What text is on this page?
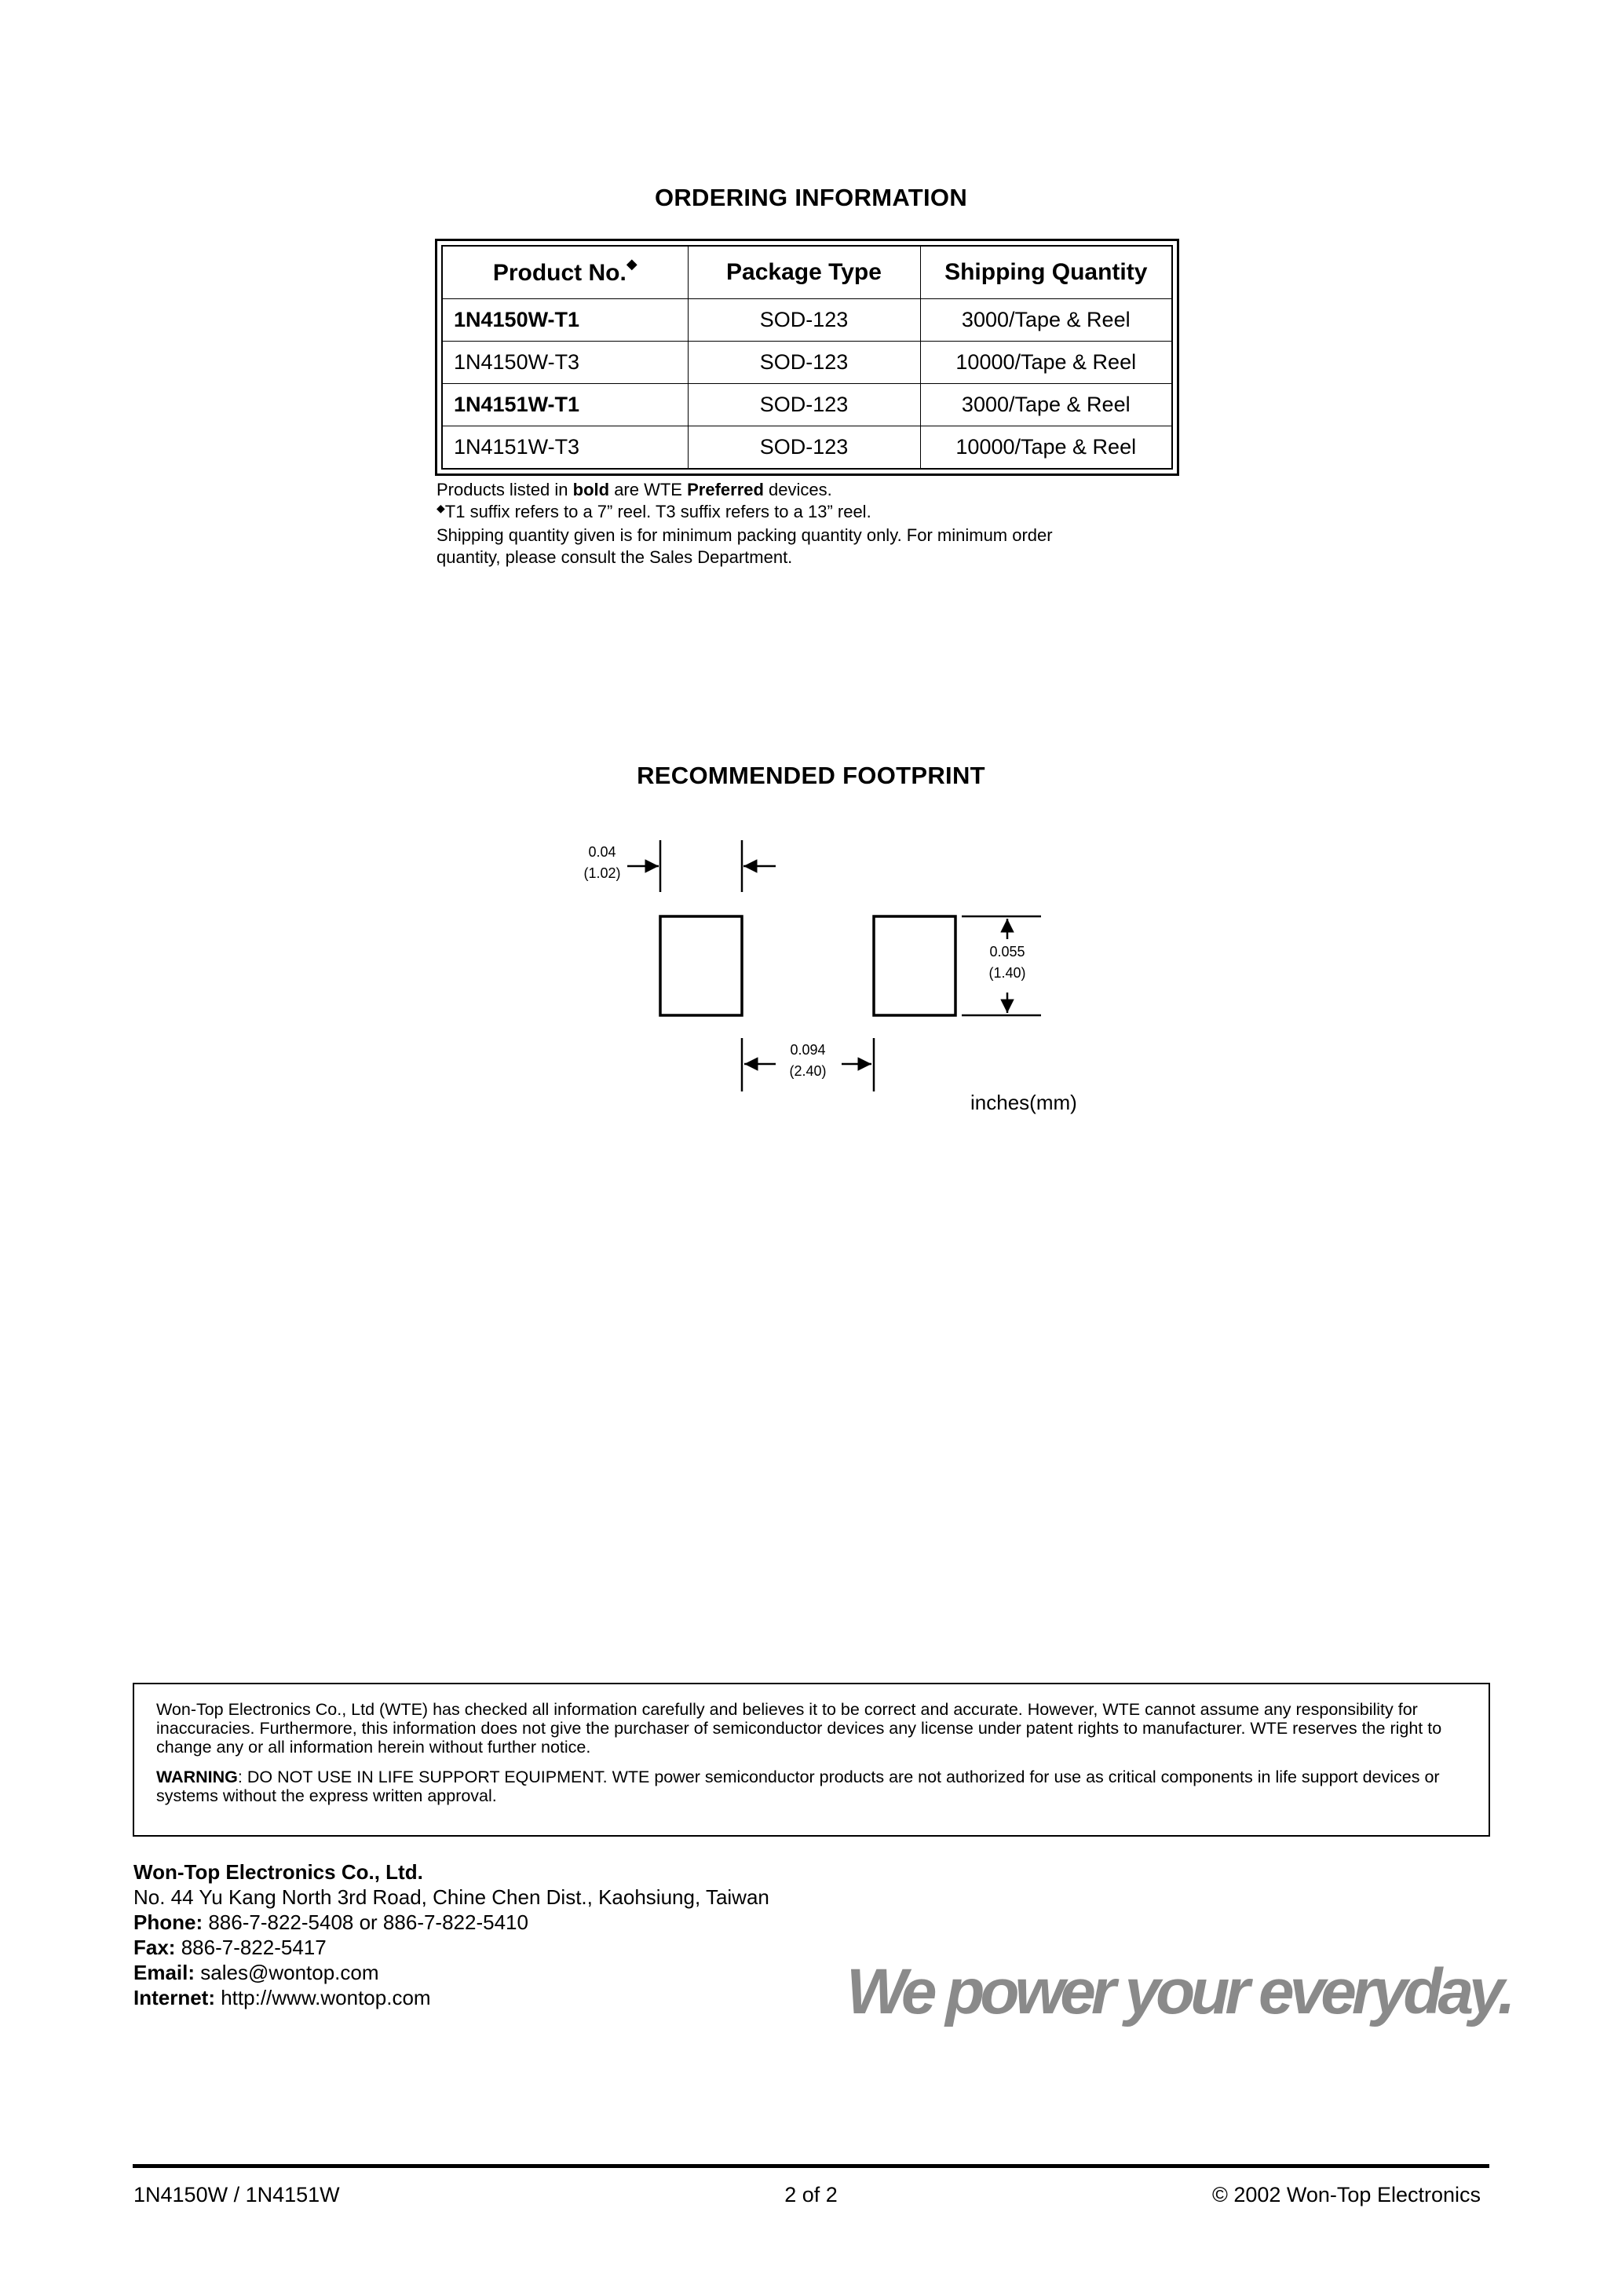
ORDERING INFORMATION
Product No.◆	Package Type	Shipping Quantity
1N4150W-T1	SOD-123	3000/Tape & Reel
1N4150W-T3	SOD-123	10000/Tape & Reel
1N4151W-T1	SOD-123	3000/Tape & Reel
1N4151W-T3	SOD-123	10000/Tape & Reel
Products listed in bold are WTE Preferred devices.
◆T1 suffix refers to a 7” reel. T3 suffix refers to a 13” reel.
Shipping quantity given is for minimum packing quantity only. For minimum order
quantity, please consult the Sales Department.
RECOMMENDED FOOTPRINT
0.04
(1.02)
0.055
(1.40)
0.094
(2.40)
inches(mm)

Won-Top Electronics Co., Ltd (WTE) has checked all information carefully and believes it to be correct and accurate. However, WTE cannot assume any responsibility for inaccuracies. Furthermore, this information does not give the purchaser of semiconductor devices any license under patent rights to manufacturer. WTE reserves the right to change any or all information herein without further notice.

WARNING: DO NOT USE IN LIFE SUPPORT EQUIPMENT. WTE power semiconductor products are not authorized for use as critical components in life support devices or systems without the express written approval.

Won-Top Electronics Co., Ltd.
No. 44 Yu Kang North 3rd Road, Chine Chen Dist., Kaohsiung, Taiwan
Phone: 886-7-822-5408 or 886-7-822-5410
Fax: 886-7-822-5417
Email: sales@wontop.com
Internet: http://www.wontop.com	We power your everyday.
1N4150W / 1N4151W	2 of 2	© 2002 Won-Top Electronics
